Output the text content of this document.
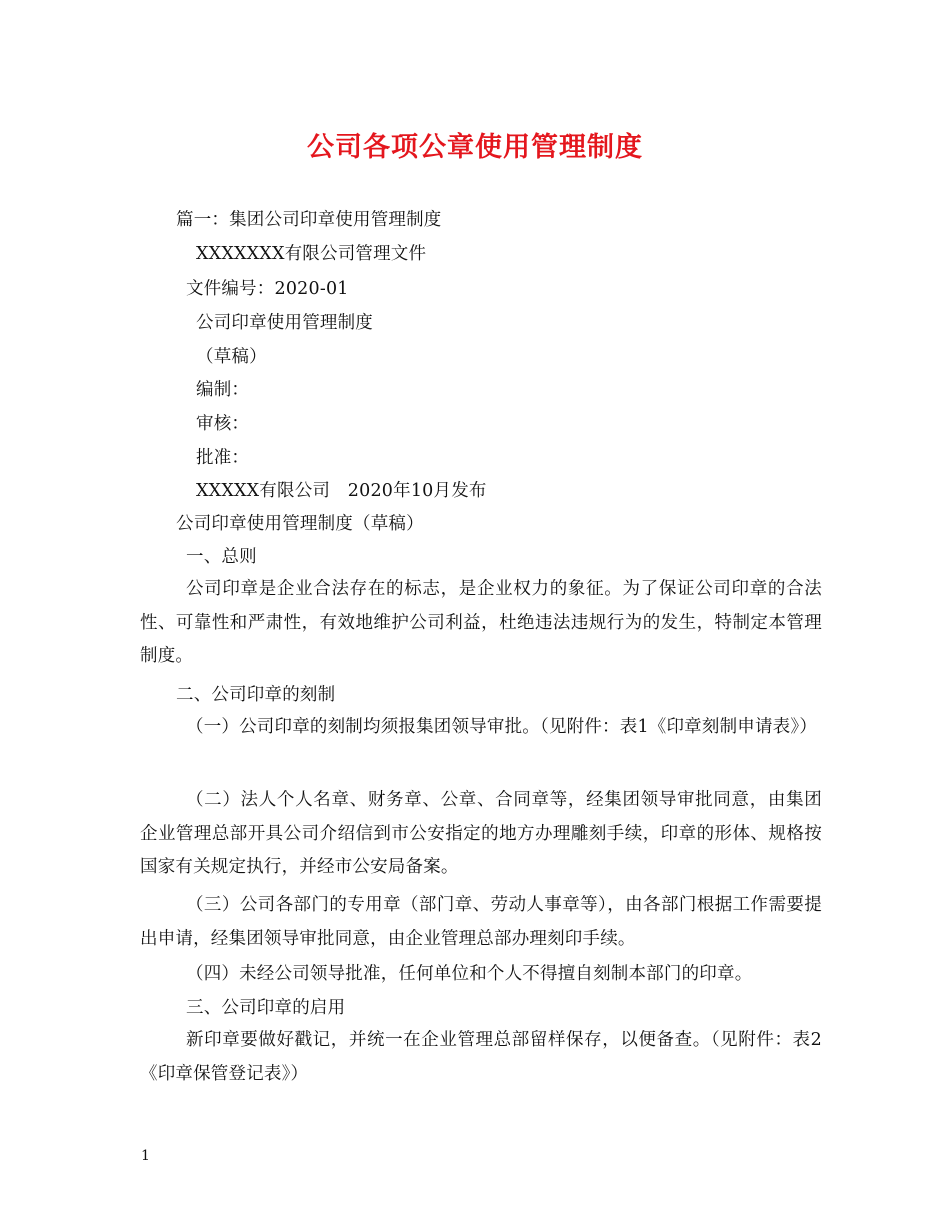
公司各项公章使用管理制度
篇一：集团公司印章使用管理制度
XXXXXXX有限公司管理文件
文件编号：2020-01
公司印章使用管理制度
（草稿）
编制：
审核：
批准：
XXXXX有限公司　2020年10月发布
公司印章使用管理制度（草稿）
一、总则

公司印章是企业合法存在的标志，是企业权力的象征。为了保证公司印章的合法性、可靠性和严肃性，有效地维护公司利益，杜绝违法违规行为的发生，特制定本管理制度。

二、公司印章的刻制

（一）公司印章的刻制均须报集团领导审批。（见附件：表1《印章刻制申请表》）

（二）法人个人名章、财务章、公章、合同章等，经集团领导审批同意，由集团企业管理总部开具公司介绍信到市公安指定的地方办理雕刻手续，印章的形体、规格按国家有关规定执行，并经市公安局备案。

（三）公司各部门的专用章（部门章、劳动人事章等），由各部门根据工作需要提出申请，经集团领导审批同意，由企业管理总部办理刻印手续。

（四）未经公司领导批准，任何单位和个人不得擅自刻制本部门的印章。
三、公司印章的启用

新印章要做好戳记，并统一在企业管理总部留样保存，以便备查。（见附件：表2《印章保管登记表》）

1
